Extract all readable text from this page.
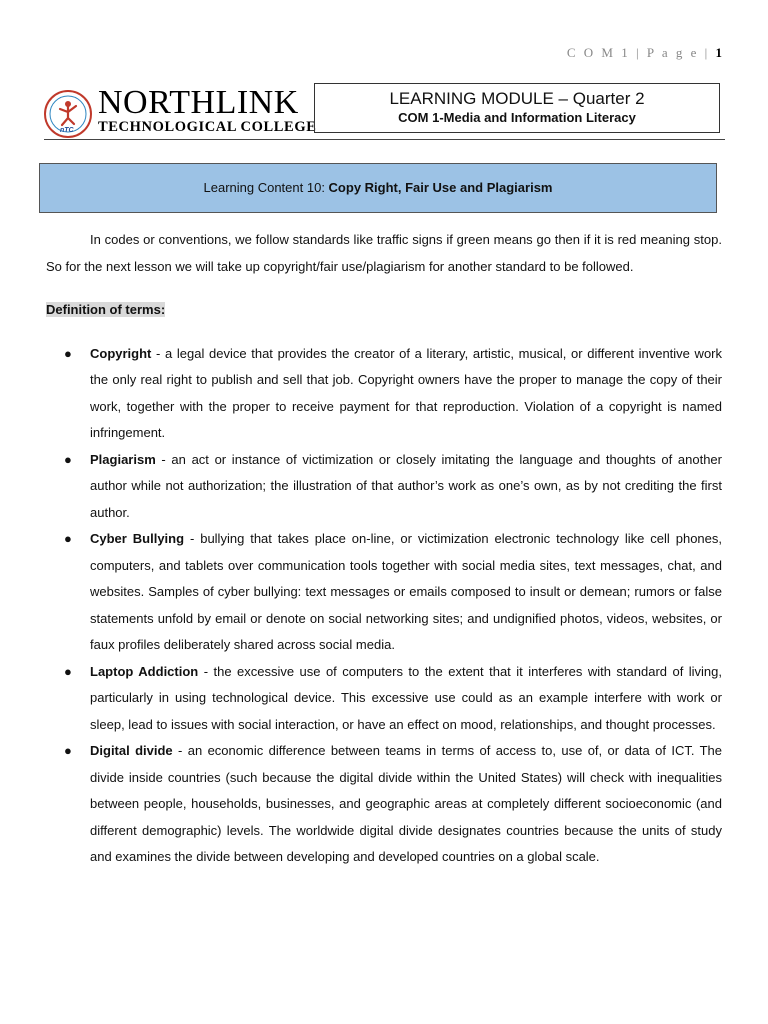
C O M 1 | P a g e | 1
nTC
NORTHLINK
TECHNOLOGICAL COLLEGE
LEARNING MODULE – Quarter 2
COM 1-Media and Information Literacy
Learning Content 10: Copy Right, Fair Use and Plagiarism

In codes or conventions, we follow standards like traffic signs if green means go then if it is red meaning stop. So for the next lesson we will take up copyright/fair use/plagiarism for another standard to be followed.

Definition of terms:

● Copyright - a legal device that provides the creator of a literary, artistic, musical, or different inventive work the only real right to publish and sell that job. Copyright owners have the proper to manage the copy of their work, together with the proper to receive payment for that reproduction. Violation of a copyright is named infringement.
● Plagiarism - an act or instance of victimization or closely imitating the language and thoughts of another author while not authorization; the illustration of that author’s work as one’s own, as by not crediting the first author.
● Cyber Bullying - bullying that takes place on-line, or victimization electronic technology like cell phones, computers, and tablets over communication tools together with social media sites, text messages, chat, and websites. Samples of cyber bullying: text messages or emails composed to insult or demean; rumors or false statements unfold by email or denote on social networking sites; and undignified photos, videos, websites, or faux profiles deliberately shared across social media.
● Laptop Addiction - the excessive use of computers to the extent that it interferes with standard of living, particularly in using technological device. This excessive use could as an example interfere with work or sleep, lead to issues with social interaction, or have an effect on mood, relationships, and thought processes.
● Digital divide - an economic difference between teams in terms of access to, use of, or data of ICT. The divide inside countries (such because the digital divide within the United States) will check with inequalities between people, households, businesses, and geographic areas at completely different socioeconomic (and different demographic) levels. The worldwide digital divide designates countries because the units of study and examines the divide between developing and developed countries on a global scale.
